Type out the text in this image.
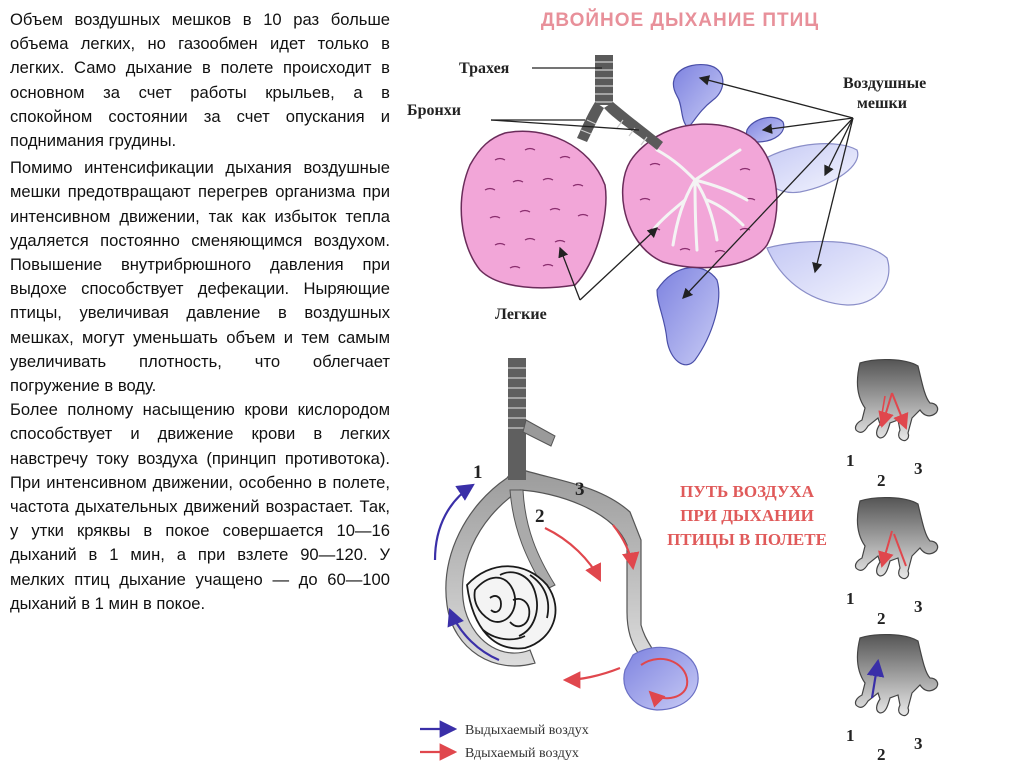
Объем воздушных мешков в 10 раз больше объема легких, но газообмен идет только в легких. Само дыхание в полете происходит в основном за счет работы крыльев, а в спокойном состоянии за счет опускания и поднимания грудины.

Помимо интенсификации дыхания воздушные мешки предотвращают перегрев организма при интенсивном движении, так как избыток тепла удаляется постоянно сменяющимся воздухом. Повышение внутрибрюшного давления при выдохе способствует дефекации. Ныряющие птицы, увеличивая давление в воздушных мешках, могут уменьшать объем и тем самым увеличивать плотность, что облегчает погружение в воду.

Более полному насыщению крови кислородом способствует и движение крови в легких навстречу току воздуха (принцип противотока). При интенсивном движении, особенно в полете, частота дыхательных движений возрастает. Так, у утки кряквы в покое совершается 10—16 дыханий в 1 мин, а при взлете 90—120. У мелких птиц дыхание учащено — до 60—100 дыханий в 1 мин в покое.

ДВОЙНОЕ ДЫХАНИЕ ПТИЦ
Трахея
Бронхи
Воздушные
мешки
Легкие
1
2
3	ПУТЬ ВОЗДУХА
ПРИ ДЫХАНИИ
ПТИЦЫ В ПОЛЕТЕ
Выдыхаемый воздух
Вдыхаемый воздух
1
2
3
1
2
3
1
2
3
